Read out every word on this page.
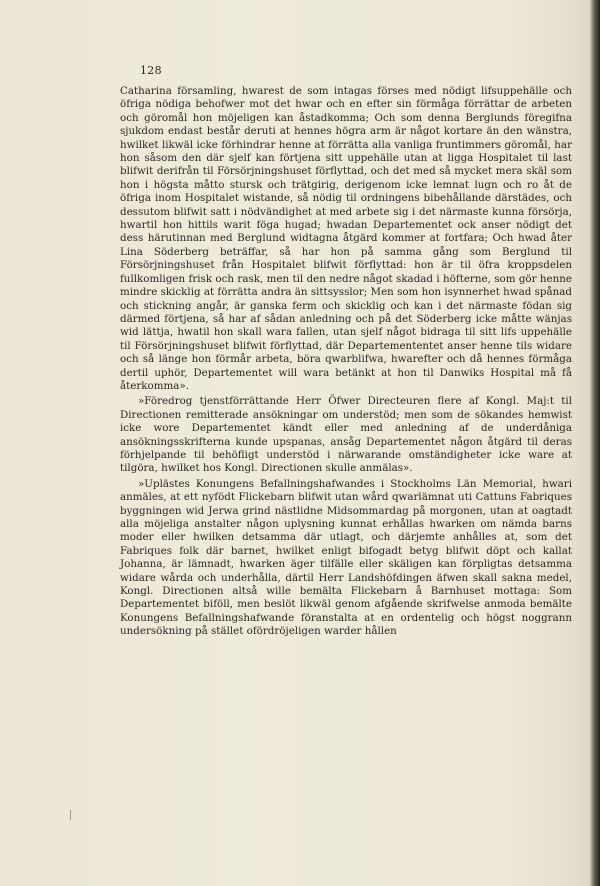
128

Catharina församling, hwarest de som intagas förses med nödigt lifsuppehälle och öfriga nödiga behofwer mot det hwar och en efter sin förmåga förrättar de arbeten och göromål hon möjeligen kan åstadkomma; Och som denna Berglunds föregifna sjukdom endast består deruti at hennes högra arm är något kortare än den wänstra, hwilket likwäl icke förhindrar henne at förrätta alla vanliga fruntimmers göromål, har hon såsom den där sjelf kan förtjena sitt uppehälle utan at ligga Hospitalet til last blifwit derifrån til Försörjningshuset förflyttad, och det med så mycket mera skäl som hon i högsta måtto stursk och trätgirig, derigenom icke lemnat lugn och ro åt de öfriga inom Hospitalet wistande, så nödig til ordningens bibehållande därstädes, och dessutom blifwit satt i nödvändighet at med arbete sig i det närmaste kunna försörja, hwartil hon hittils warit föga hugad; hwadan Departementet ock anser nödigt det dess härutinnan med Berglund widtagna åtgärd kommer at fortfara; Och hwad åter Lina Söderberg beträffar, så har hon på samma gång som Berglund til Försörjningshuset från Hospitalet blifwit förflyttad: hon är til öfra kroppsdelen fullkomligen frisk och rask, men til den nedre något skadad i höfterne, som gör henne mindre skicklig at förrätta andra än sittsysslor; Men som hon isynnerhet hwad spånad och stickning angår, är ganska ferm och skicklig och kan i det närmaste födan sig därmed förtjena, så har af sådan anledning och på det Söderberg icke måtte wänjas wid lättja, hwatil hon skall wara fallen, utan sjelf något bidraga til sitt lifs uppehälle til Försörjningshuset blifwit förflyttad, där Departemententet anser henne tils widare och så länge hon förmår arbeta, böra qwarblifwa, hwarefter och då hennes förmåga dertil uphör, Departementet will wara betänkt at hon til Danwiks Hospital må få återkomma».

»Föredrog tjenstförrättande Herr Öfwer Directeuren flere af Kongl. Maj:t til Directionen remitterade ansökningar om understöd; men som de sökandes hemwist icke wore Departementet kändt eller med anledning af de underdåniga ansökningsskrifterna kunde upspanas, ansåg Departementet någon åtgärd til deras förhjelpande til behöfligt understöd i närwarande omständigheter icke ware at tilgöra, hwilket hos Kongl. Directionen skulle anmälas».

»Uplästes Konungens Befallningshafwandes i Stockholms Län Memorial, hwari anmäles, at ett nyfödt Flickebarn blifwit utan wård qwarlämnat uti Cattuns Fabriques byggningen wid Jerwa grind nästlidne Midsommardag på morgonen, utan at oagtadt alla möjeliga anstalter någon uplysning kunnat erhållas hwarken om nämda barns moder eller hwilken detsamma där utlagt, och därjemte anhålles at, som det Fabriques folk där barnet, hwilket enligt bifogadt betyg blifwit döpt och kallat Johanna, är lämnadt, hwarken äger tilfälle eller skäligen kan förpligtas detsamma widare wårda och underhålla, därtil Herr Landshöfdingen äfwen skall sakna medel, Kongl. Directionen altså wille bemälta Flickebarn å Barnhuset mottaga: Som Departementet biföll, men beslöt likwäl genom afgående skrifwelse anmoda bemälte Konungens Befallningshafwande föranstalta at en ordentelig och högst noggrann undersökning på stället ofördröjeligen warder hållen
